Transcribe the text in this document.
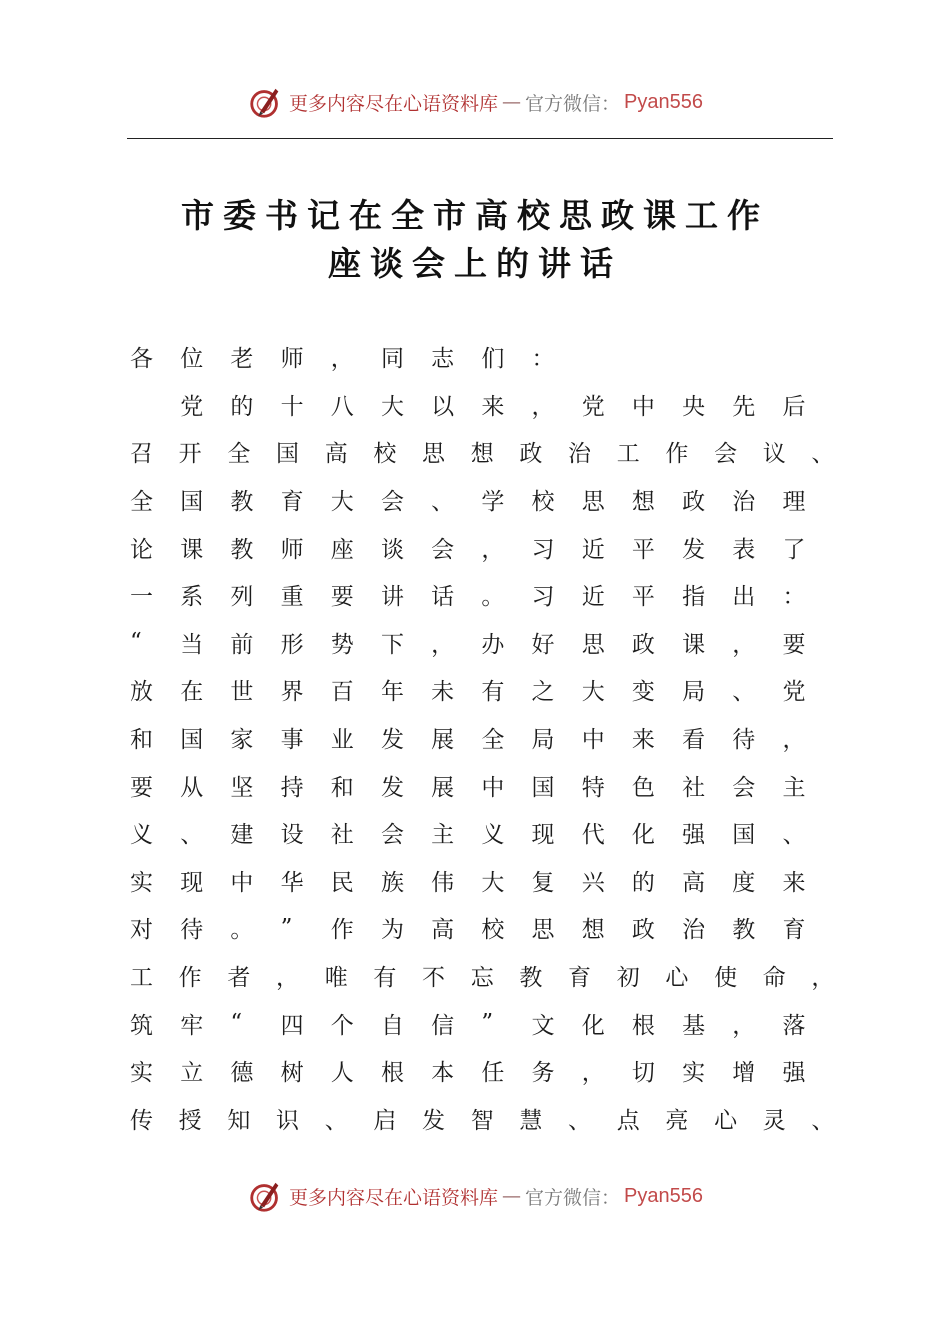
更多内容尽在心语资料库 — 官方微信： Pyan556
市委书记在全市高校思政课工作
座谈会上的讲话
各	位	老	师	，	同	志	们	：

党	的	十	八	大	以	来	，	党	中	央	先	后
召	开	全	国	高	校	思	想	政	治	工	作	会	议	、
全	国	教	育	大	会	、	学	校	思	想	政	治	理
论	课	教	师	座	谈	会	，	习	近	平	发	表	了
一	系	列	重	要	讲	话	。	习	近	平	指	出	：
“	当	前	形	势	下	，	办	好	思	政	课	，	要
放	在	世	界	百	年	未	有	之	大	变	局	、	党
和	国	家	事	业	发	展	全	局	中	来	看	待	，
要	从	坚	持	和	发	展	中	国	特	色	社	会	主
义	、	建	设	社	会	主	义	现	代	化	强	国	、
实	现	中	华	民	族	伟	大	复	兴	的	高	度	来
对	待	。	”	作	为	高	校	思	想	政	治	教	育
工	作	者	，	唯	有	不	忘	教	育	初	心	使	命	，
筑	牢	“	四	个	自	信	”	文	化	根	基	，	落
实	立	德	树	人	根	本	任	务	，	切	实	增	强
传	授	知	识	、	启	发	智	慧	、	点	亮	心	灵	、
更多内容尽在心语资料库 — 官方微信： Pyan556
